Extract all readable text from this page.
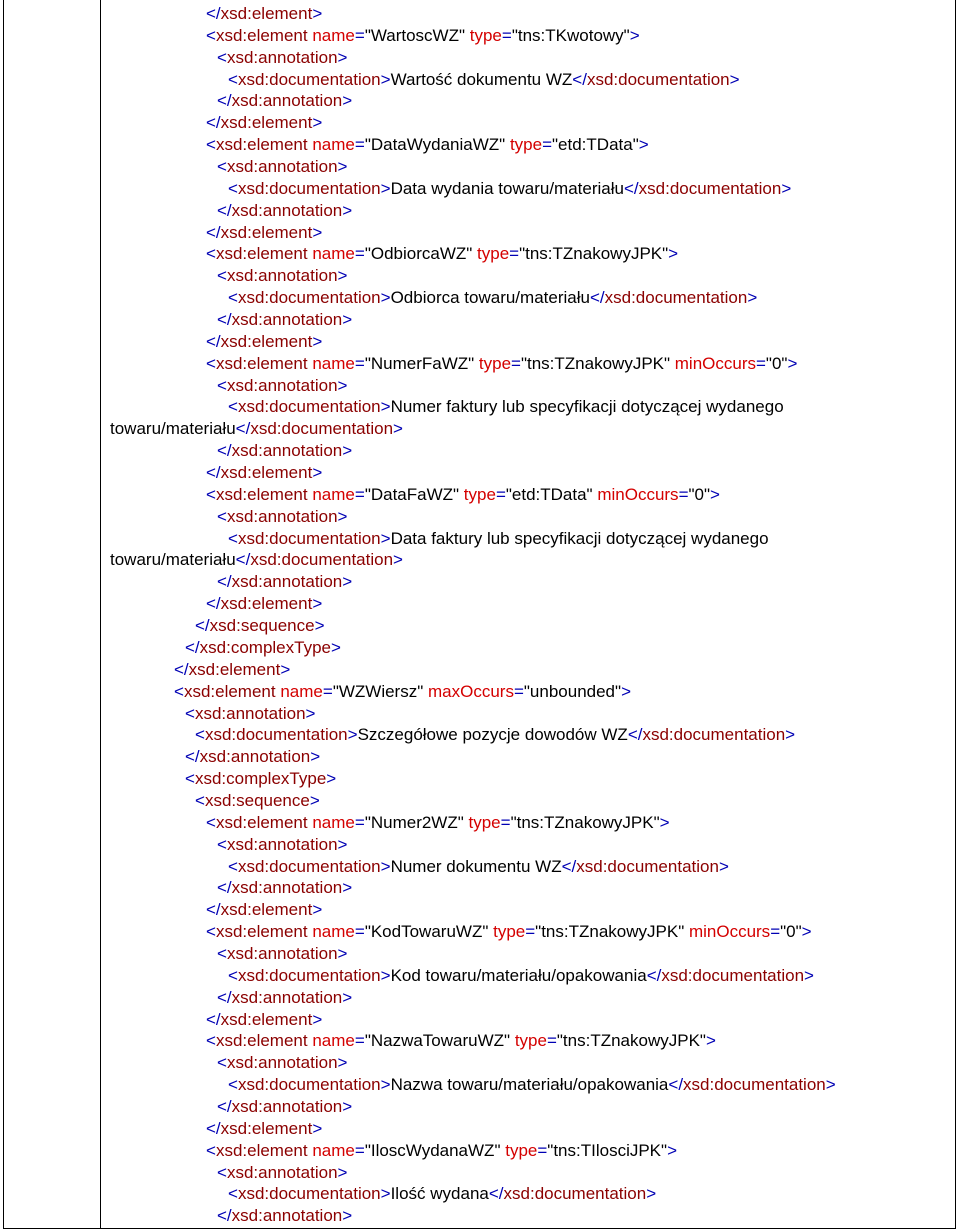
</xsd:element>
<xsd:element name="WartoscWZ" type="tns:TKwotowy">
<xsd:annotation>
<xsd:documentation>Wartość dokumentu WZ</xsd:documentation>
</xsd:annotation>
</xsd:element>
<xsd:element name="DataWydaniaWZ" type="etd:TData">
<xsd:annotation>
<xsd:documentation>Data wydania towaru/materiału</xsd:documentation>
</xsd:annotation>
</xsd:element>
<xsd:element name="OdbiorcaWZ" type="tns:TZnakowyJPK">
<xsd:annotation>
<xsd:documentation>Odbiorca towaru/materiału</xsd:documentation>
</xsd:annotation>
</xsd:element>
<xsd:element name="NumerFaWZ" type="tns:TZnakowyJPK" minOccurs="0">
<xsd:annotation>
<xsd:documentation>Numer faktury lub specyfikacji dotyczącej wydanego
towaru/materiału</xsd:documentation>
</xsd:annotation>
</xsd:element>
<xsd:element name="DataFaWZ" type="etd:TData" minOccurs="0">
<xsd:annotation>
<xsd:documentation>Data faktury lub specyfikacji dotyczącej wydanego
towaru/materiału</xsd:documentation>
</xsd:annotation>
</xsd:element>
</xsd:sequence>
</xsd:complexType>
</xsd:element>
<xsd:element name="WZWiersz" maxOccurs="unbounded">
<xsd:annotation>
<xsd:documentation>Szczegółowe pozycje dowodów WZ</xsd:documentation>
</xsd:annotation>
<xsd:complexType>
<xsd:sequence>
<xsd:element name="Numer2WZ" type="tns:TZnakowyJPK">
<xsd:annotation>
<xsd:documentation>Numer dokumentu WZ</xsd:documentation>
</xsd:annotation>
</xsd:element>
<xsd:element name="KodTowaruWZ" type="tns:TZnakowyJPK" minOccurs="0">
<xsd:annotation>
<xsd:documentation>Kod towaru/materiału/opakowania</xsd:documentation>
</xsd:annotation>
</xsd:element>
<xsd:element name="NazwaTowaruWZ" type="tns:TZnakowyJPK">
<xsd:annotation>
<xsd:documentation>Nazwa towaru/materiału/opakowania</xsd:documentation>
</xsd:annotation>
</xsd:element>
<xsd:element name="IloscWydanaWZ" type="tns:TIlosciJPK">
<xsd:annotation>
<xsd:documentation>Ilość wydana</xsd:documentation>
</xsd:annotation>
